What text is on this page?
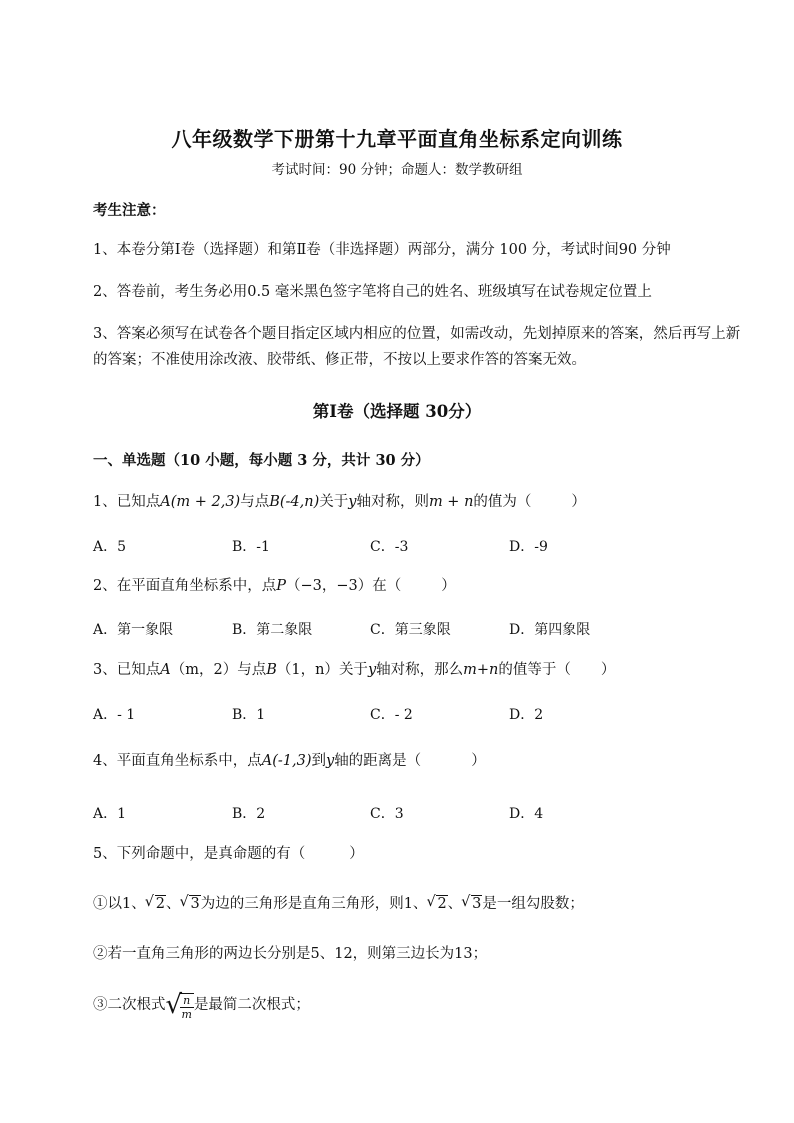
八年级数学下册第十九章平面直角坐标系定向训练
考试时间：90 分钟；命题人：数学教研组
考生注意：
1、本卷分第Ⅰ卷（选择题）和第Ⅱ卷（非选择题）两部分，满分 100 分，考试时间90 分钟
2、答卷前，考生务必用0.5 毫米黑色签字笔将自己的姓名、班级填写在试卷规定位置上
3、答案必须写在试卷各个题目指定区域内相应的位置，如需改动，先划掉原来的答案，然后再写上新
的答案；不准使用涂改液、胶带纸、修正带，不按以上要求作答的答案无效。
第Ⅰ卷（选择题 30分）
一、单选题（10 小题，每小题 3 分，共计 30 分）
1、已知点A(m + 2,3)与点B(-4,n)关于y轴对称，则m + n的值为（	）
A．5	B．-1	C．-3	D．-9
2、在平面直角坐标系中，点P（−3，−3）在（	）
A．第一象限	B．第二象限	C．第三象限	D．第四象限
3、已知点A（m，2）与点B（1，n）关于y轴对称，那么m+n的值等于（ ）
A．- 1	B．1	C．- 2	D．2
4、平面直角坐标系中，点A(-1,3)到y轴的距离是（	）
A．1	B．2	C．3	D．4
5、下列命题中，是真命题的有（	）
①以1、 √ 2、 √ 3为边的三角形是直角三角形，则1、 √ 2、 √ 3是一组勾股数；
②若一直角三角形的两边长分别是5、12，则第三边长为13；
③二次根式 √
$\frac{n}{m}$ 是最简二次根式；
